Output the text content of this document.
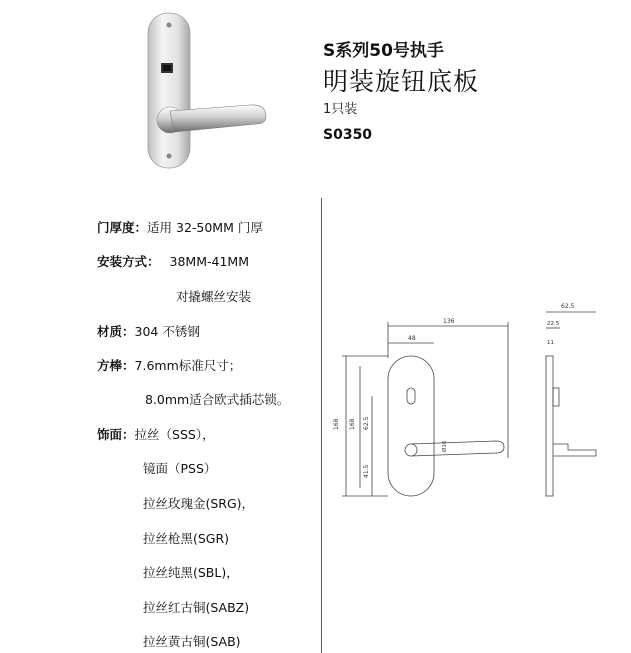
S系列50号执手
明装旋钮底板
1只装
S0350
门厚度：适用 32-50MM 门厚
安装方式： 38MM-41MM
对撬螺丝安装
材质：304 不锈钢
方棒：7.6mm标准尺寸；
8.0mm适合欧式插芯锁。
饰面：拉丝（SSS），
镜面（PSS）
拉丝玫瑰金(SRG)，
拉丝枪黑(SGR)
拉丝纯黑(SBL)，
拉丝红古铜(SABZ)
拉丝黄古铜(SAB)
136
48
168 168 62.5
41.5
Ø16
62.5
22.5
11
